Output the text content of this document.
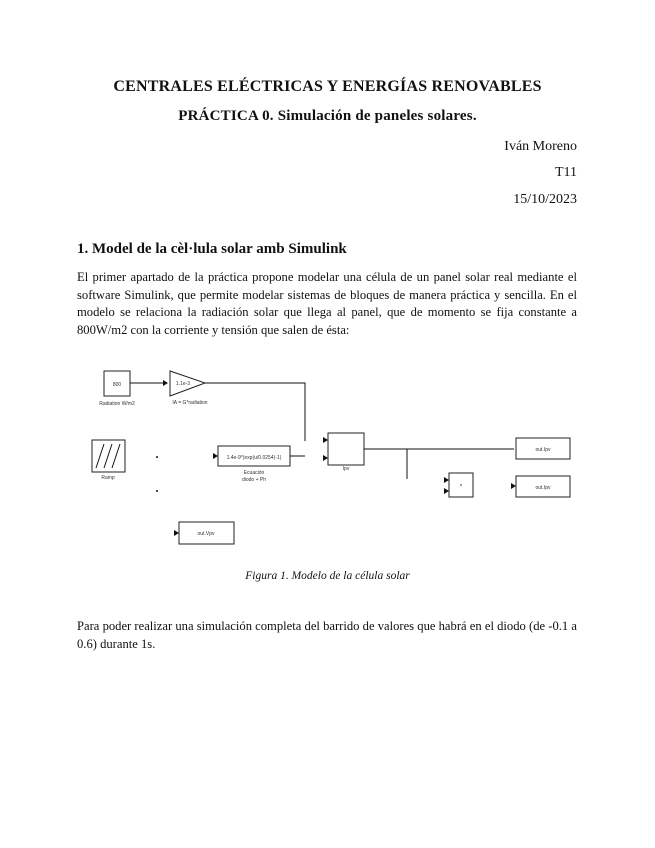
CENTRALES ELÉCTRICAS Y ENERGÍAS RENOVABLES
PRÁCTICA 0. Simulación de paneles solares.
Iván Moreno
T11
15/10/2023
1. Model de la cèl·lula solar amb Simulink
El primer apartado de la práctica propone modelar una célula de un panel solar real mediante el software Simulink, que permite modelar sistemas de bloques de manera práctica y sencilla. En el modelo se relaciona la radiación solar que llega al panel, que de momento se fija constante a 800W/m2 con la corriente y tensión que salen de ésta:
800
Radiation W/m2
1.1e-3
IA = G*radiation
Ramp
1.4e-9*(exp(u/0.0254)-1)
Ecuación
diodo + Ph
Ipv
×
out.Ipv
out.Ipv
out.Vpv
Figura 1. Modelo de la célula solar
Para poder realizar una simulación completa del barrido de valores que habrá en el diodo (de -0.1 a 0.6) durante 1s.
